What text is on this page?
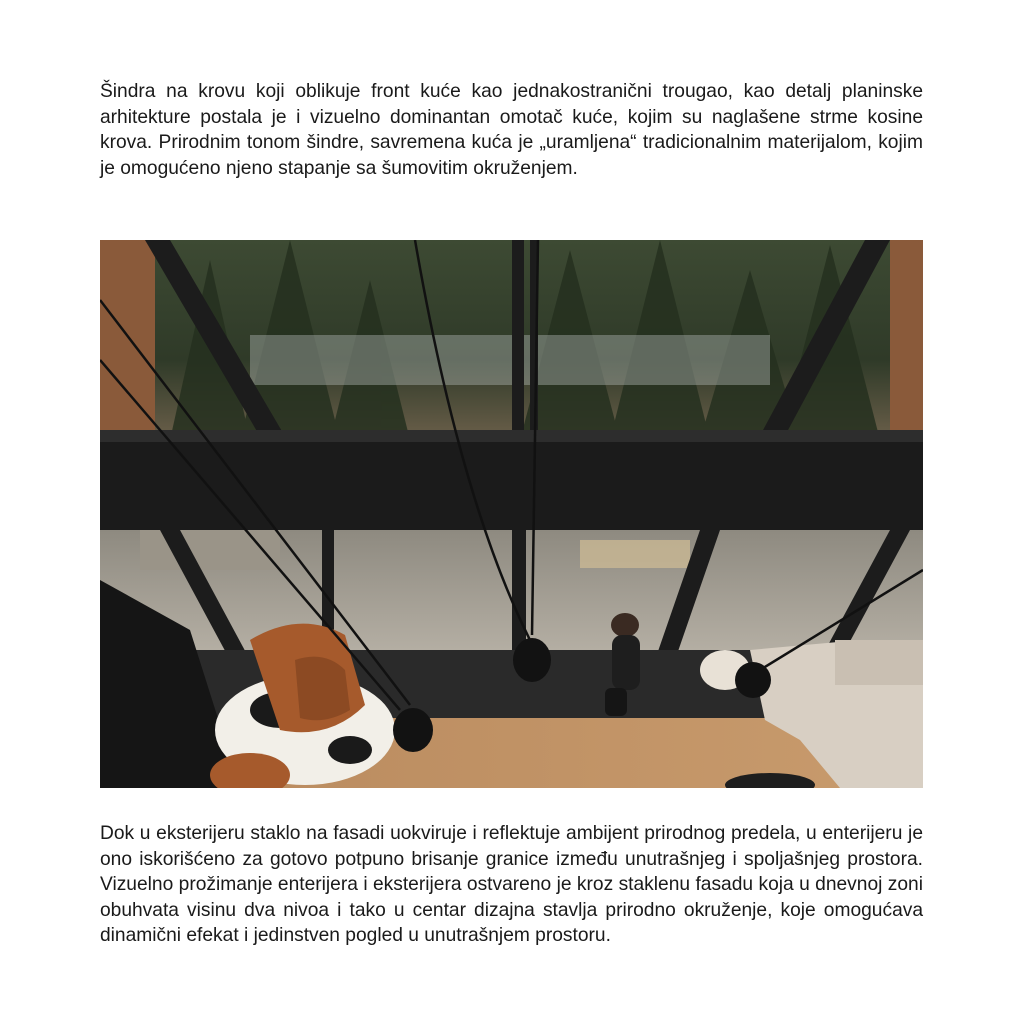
Šindra na krovu koji oblikuje front kuće kao jednakostranični trougao, kao detalj planinske arhitekture postala je i vizuelno dominantan omotač kuće, kojim su naglašene strme kosine krova. Prirodnim tonom šindre, savremena kuća je „uramljena“ tradicionalnim materijalom, kojim je omogućeno njeno stapanje sa šumovitim okruženjem.

Dok u eksterijeru staklo na fasadi uokviruje i reflektuje ambijent prirodnog predela, u enterijeru je ono iskorišćeno za gotovo potpuno brisanje granice između unutrašnjeg i spoljašnjeg prostora. Vizuelno prožimanje enterijera i eksterijera ostvareno je kroz staklenu fasadu koja u dnevnoj zoni obuhvata visinu dva nivoa i tako u centar dizajna stavlja prirodno okruženje, koje omogućava dinamični efekat i jedinstven pogled u unutrašnjem prostoru.
